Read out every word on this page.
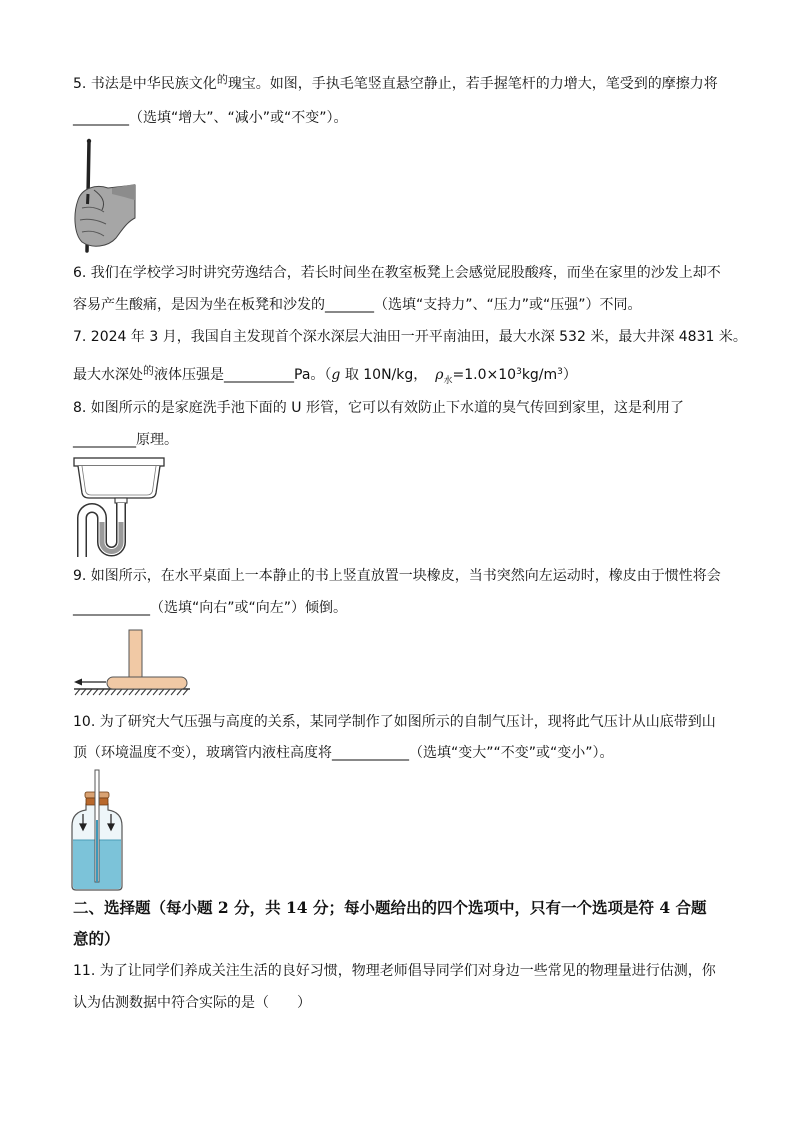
5. 书法是中华民族文化$^的$瑰宝。如图，手执毛笔竖直悬空静止，若手握笔杆的力增大，笔受到的摩擦力将
________（选填“增大”、“减小”或“不变”）。
6. 我们在学校学习时讲究劳逸结合，若长时间坐在教室板凳上会感觉屁股酸疼，而坐在家里的沙发上却不
容易产生酸痛，是因为坐在板凳和沙发的_______（选填“支持力”、“压力”或“压强”）不同。
7. 2024 年 3 月，我国自主发现首个深水深层大油田一开平南油田，最大水深 532 米，最大井深 4831 米。
最大水深处$^的$液体压强是__________Pa。（g 取 10N/kg， $\rho_水=1.0\times 10^3kg/m^3$）
8. 如图所示的是家庭洗手池下面的 U 形管，它可以有效防止下水道的臭气传回到家里，这是利用了
_________原理。
9. 如图所示，在水平桌面上一本静止的书上竖直放置一块橡皮，当书突然向左运动时，橡皮由于惯性将会
___________（选填“向右”或“向左”）倾倒。
10. 为了研究大气压强与高度的关系，某同学制作了如图所示的自制气压计，现将此气压计从山底带到山
顶（环境温度不变），玻璃管内液柱高度将___________（选填“变大”“不变”或“变小”）。
二、选择题（每小题 2 分，共 14 分；每小题给出的四个选项中，只有一个选项是符 4 合题
意的）
11. 为了让同学们养成关注生活的良好习惯，物理老师倡导同学们对身边一些常见的物理量进行估测，你
认为估测数据中符合实际的是（　　）
